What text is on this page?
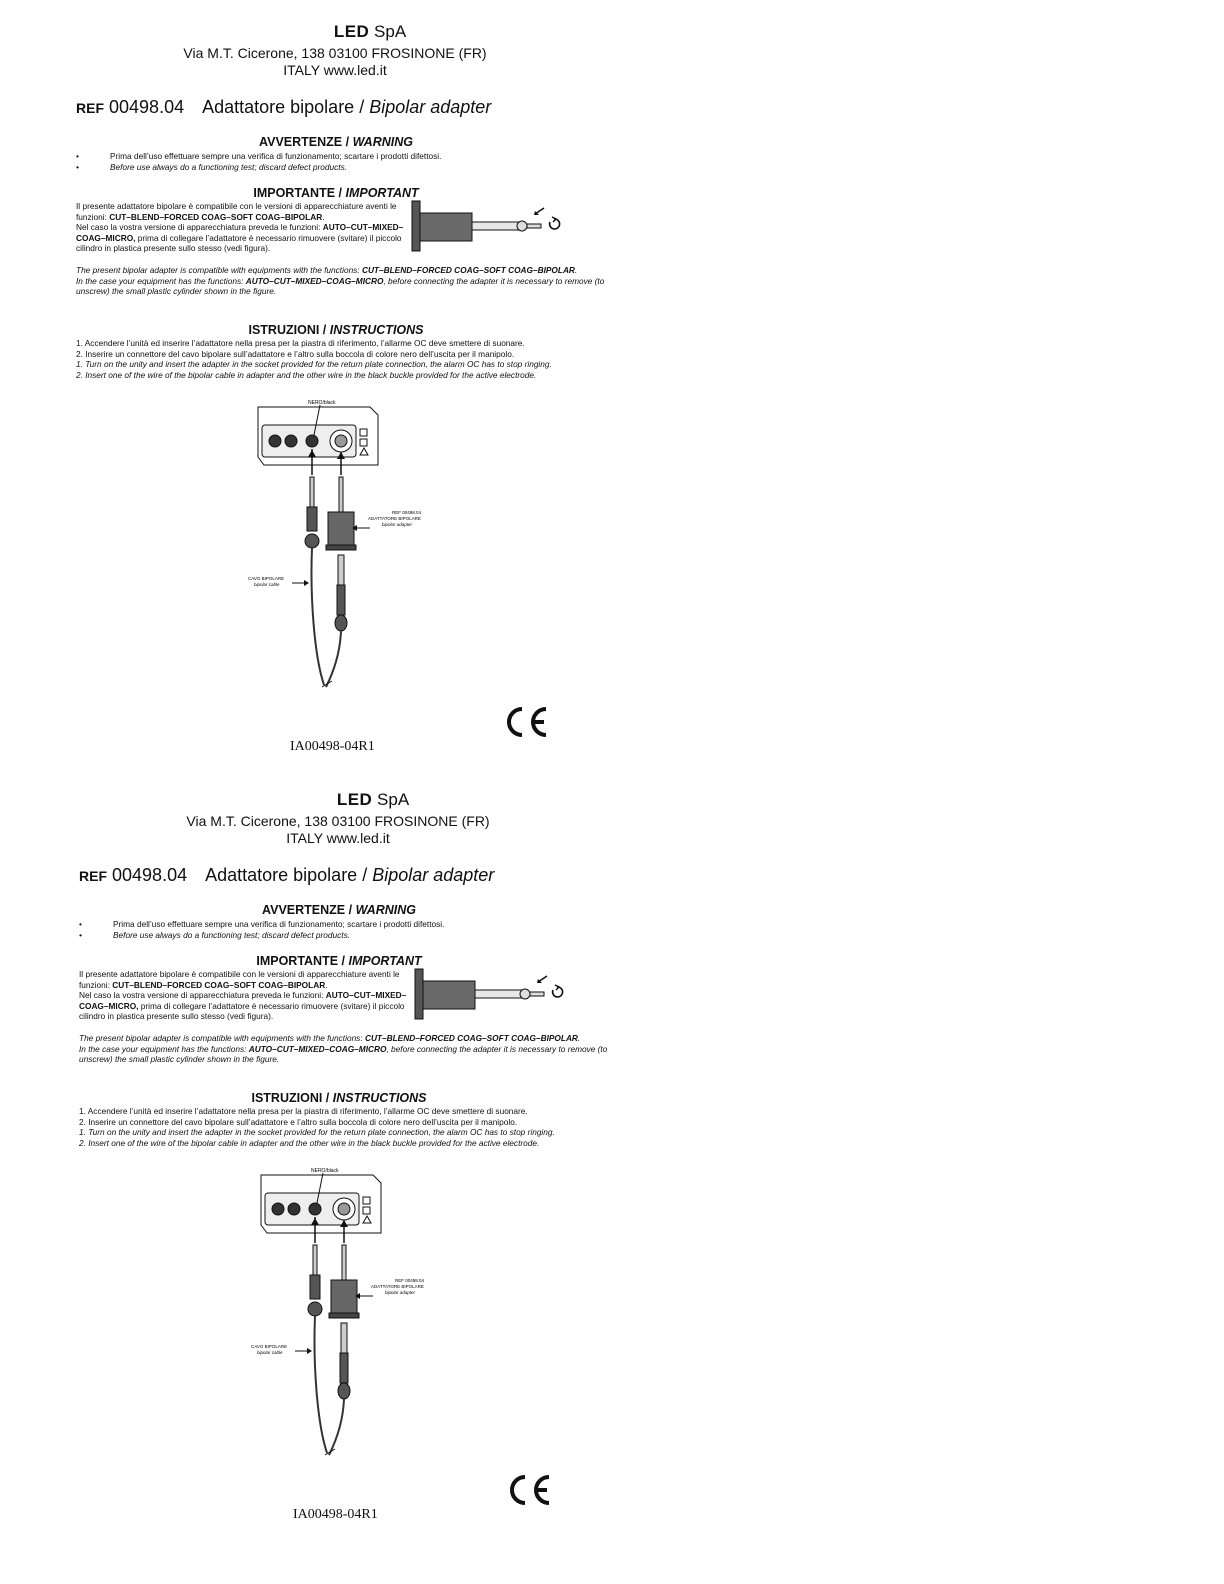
LED SpA
Via M.T. Cicerone, 138 03100 FROSINONE (FR)
ITALY www.led.it
REF 00498.04 Adattatore bipolare / Bipolar adapter
AVVERTENZE / WARNING
• Prima dell’uso effettuare sempre una verifica di funzionamento; scartare i prodotti difettosi.
• Before use always do a functioning test; discard defect products.
IMPORTANTE / IMPORTANT
Il presente adattatore bipolare è compatibile con le versioni di apparecchiature aventi le funzioni: CUT–BLEND–FORCED COAG–SOFT COAG–BIPOLAR.
Nel caso la vostra versione di apparecchiatura preveda le funzioni: AUTO–CUT–MIXED–COAG–MICRO, prima di collegare l’adattatore è necessario rimuovere (svitare) il piccolo cilindro in plastica presente sullo stesso (vedi figura).
The present bipolar adapter is compatible with equipments with the functions: CUT–BLEND–FORCED COAG–SOFT COAG–BIPOLAR.
In the case your equipment has the functions: AUTO–CUT–MIXED–COAG–MICRO, before connecting the adapter it is necessary to remove (to unscrew) the small plastic cylinder shown in the figure.
ISTRUZIONI / INSTRUCTIONS
1. Accendere l’unità ed inserire l’adattatore nella presa per la piastra di riferimento, l’allarme OC deve smettere di suonare.
2. Inserire un connettore del cavo bipolare sull’adattatore e l’altro sulla boccola di colore nero dell’uscita per il manipolo.
1. Turn on the unity and insert the adapter in the socket provided for the return plate connection, the alarm OC has to stop ringing.
2. Insert one of the wire of the bipolar cable in adapter and the other wire in the black buckle provided for the active electrode.
NERO/black
REF 00498.04
ADATTATORE BIPOLARE
bipolar adapter
CAVO BIPOLARE
bipolar cable
IA00498-04R1
LED SpA
Via M.T. Cicerone, 138 03100 FROSINONE (FR)
ITALY www.led.it
REF 00498.04 Adattatore bipolare / Bipolar adapter
AVVERTENZE / WARNING
• Prima dell’uso effettuare sempre una verifica di funzionamento; scartare i prodotti difettosi.
• Before use always do a functioning test; discard defect products.
IMPORTANTE / IMPORTANT
Il presente adattatore bipolare è compatibile con le versioni di apparecchiature aventi le funzioni: CUT–BLEND–FORCED COAG–SOFT COAG–BIPOLAR.
Nel caso la vostra versione di apparecchiatura preveda le funzioni: AUTO–CUT–MIXED–COAG–MICRO, prima di collegare l’adattatore è necessario rimuovere (svitare) il piccolo cilindro in plastica presente sullo stesso (vedi figura).
The present bipolar adapter is compatible with equipments with the functions: CUT–BLEND–FORCED COAG–SOFT COAG–BIPOLAR.
In the case your equipment has the functions: AUTO–CUT–MIXED–COAG–MICRO, before connecting the adapter it is necessary to remove (to unscrew) the small plastic cylinder shown in the figure.
ISTRUZIONI / INSTRUCTIONS
1. Accendere l’unità ed inserire l’adattatore nella presa per la piastra di riferimento, l’allarme OC deve smettere di suonare.
2. Inserire un connettore del cavo bipolare sull’adattatore e l’altro sulla boccola di colore nero dell’uscita per il manipolo.
1. Turn on the unity and insert the adapter in the socket provided for the return plate connection, the alarm OC has to stop ringing.
2. Insert one of the wire of the bipolar cable in adapter and the other wire in the black buckle provided for the active electrode.
NERO/black
REF 00498.04
ADATTATORE BIPOLARE
bipolar adapter
CAVO BIPOLARE
bipolar cable
IA00498-04R1
